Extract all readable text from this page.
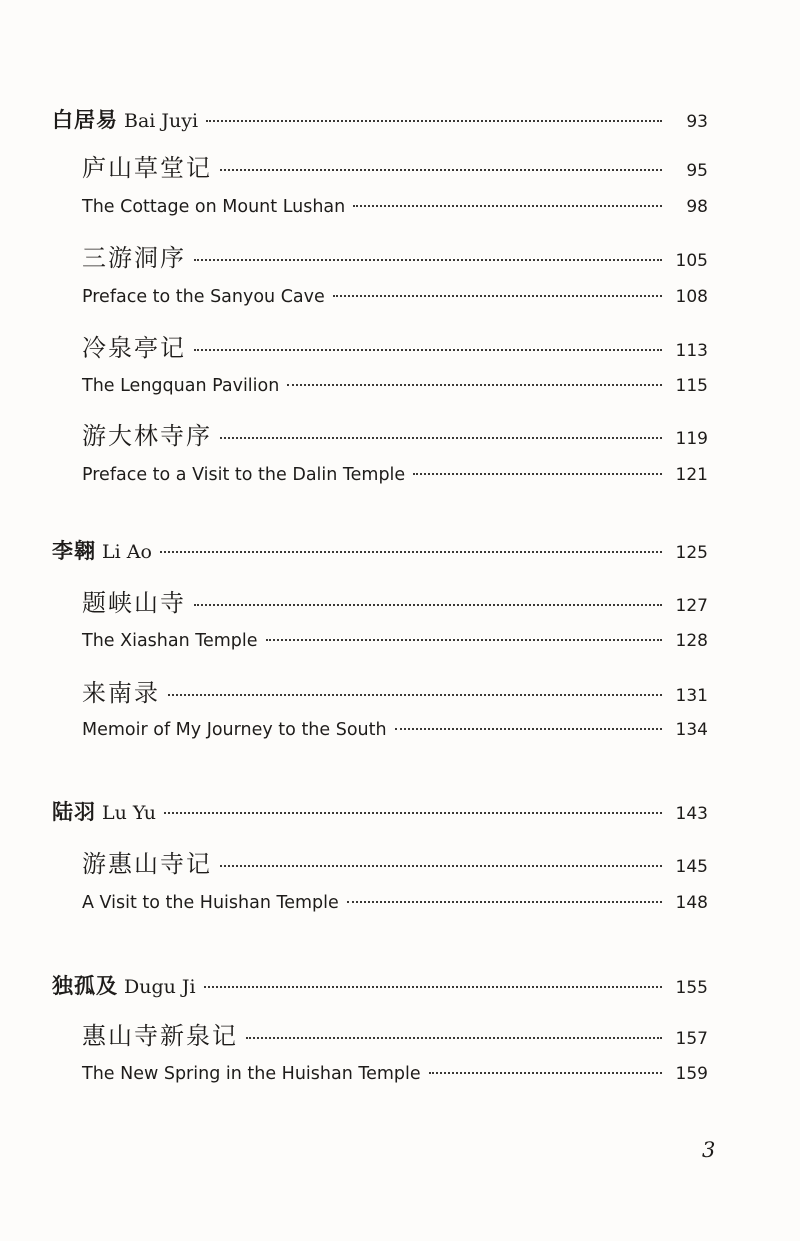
白居易 Bai Juyi	93
庐山草堂记	95
The Cottage on Mount Lushan	98
三游洞序	105
Preface to the Sanyou Cave	108
冷泉亭记	113
The Lengquan Pavilion	115
游大林寺序	119
Preface to a Visit to the Dalin Temple	121
李翱 Li Ao	125
题峡山寺	127
The Xiashan Temple	128
来南录	131
Memoir of My Journey to the South	134
陆羽 Lu Yu	143
游惠山寺记	145
A Visit to the Huishan Temple	148
独孤及 Dugu Ji	155
惠山寺新泉记	157
The New Spring in the Huishan Temple	159
3
